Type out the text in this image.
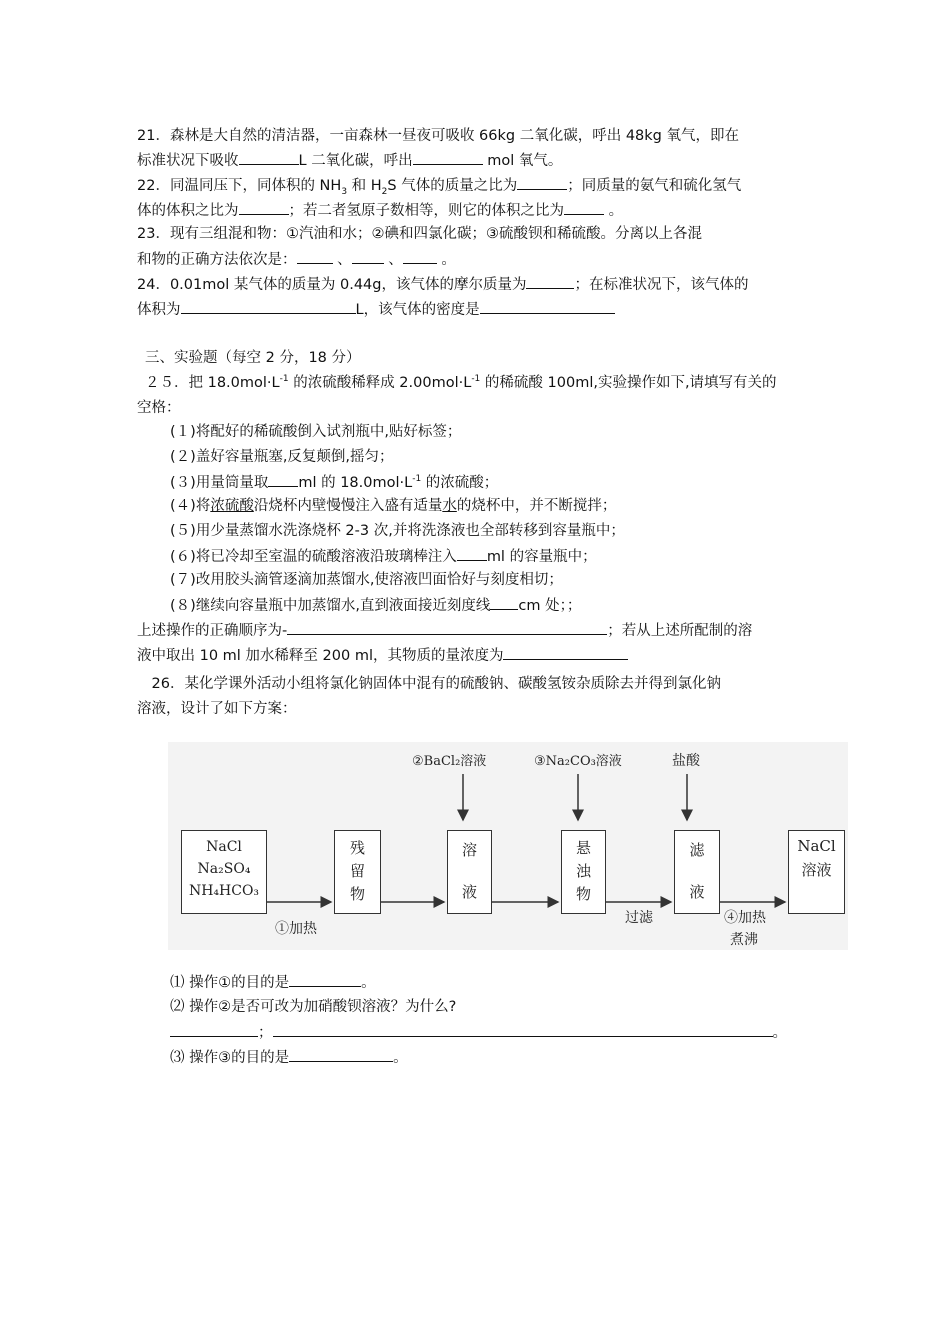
21．森林是大自然的清洁器，一亩森林一昼夜可吸收 66kg 二氧化碳，呼出 48kg 氧气，即在
标准状况下吸收	L 二氧化碳，呼出	mol 氧气。
22．同温同压下，同体积的 $NH_3$ 和 $H_2S$ 气体的质量之比为	；同质量的氨气和硫化氢气
体的体积之比为	；若二者氢原子数相等，则它的体积之比为	。
23．现有三组混和物：①汽油和水；②碘和四氯化碳；③硫酸钡和稀硫酸。分离以上各混
和物的正确方法依次是： 、 、 。
24．0.01mol 某气体的质量为 0.44g，该气体的摩尔质量为	；在标准状况下，该气体的
体积为	L，该气体的密度是
三、实验题（每空 2 分，18 分）
２５．把 $18.0mol\cdot L^{-1}$ 的浓硫酸稀释成 $2.00mol\cdot L^{-1}$ 的稀硫酸 100ml,实验操作如下,请填写有关的
空格：
(１)将配好的稀硫酸倒入试剂瓶中,贴好标签；
(２)盖好容量瓶塞,反复颠倒,摇匀；
(３)用量筒量取 ml 的 $18.0mol\cdot L^{-1}$ 的浓硫酸；
(４)将浓硫酸沿烧杯内壁慢慢注入盛有适量水的烧杯中，并不断搅拌；
(５)用少量蒸馏水洗涤烧杯 2-3 次,并将洗涤液也全部转移到容量瓶中；
(６)将已冷却至室温的硫酸溶液沿玻璃棒注入 ml 的容量瓶中；
(７)改用胶头滴管逐滴加蒸馏水,使溶液凹面恰好与刻度相切；
(８)继续向容量瓶中加蒸馏水,直到液面接近刻度线 cm 处；；
上述操作的正确顺序为-	；若从上述所配制的溶
液中取出 10 ml 加水稀释至 200 ml，其物质的量浓度为
　26．某化学课外活动小组将氯化钠固体中混有的硫酸钠、碳酸氢铵杂质除去并得到氯化钠
溶液，设计了如下方案：
NaCl
Na₂SO₄
NH₄HCO₃
残
留
物
溶
液
悬
浊
物
滤
液
NaCl
溶液
②BaCl₂溶液	③Na₂CO₃溶液	盐酸
①加热
过滤	④加热
煮沸
⑴ 操作①的目的是	。
⑵ 操作②是否可改为加硝酸钡溶液？为什么?
；	。
⑶ 操作③的目的是	。
